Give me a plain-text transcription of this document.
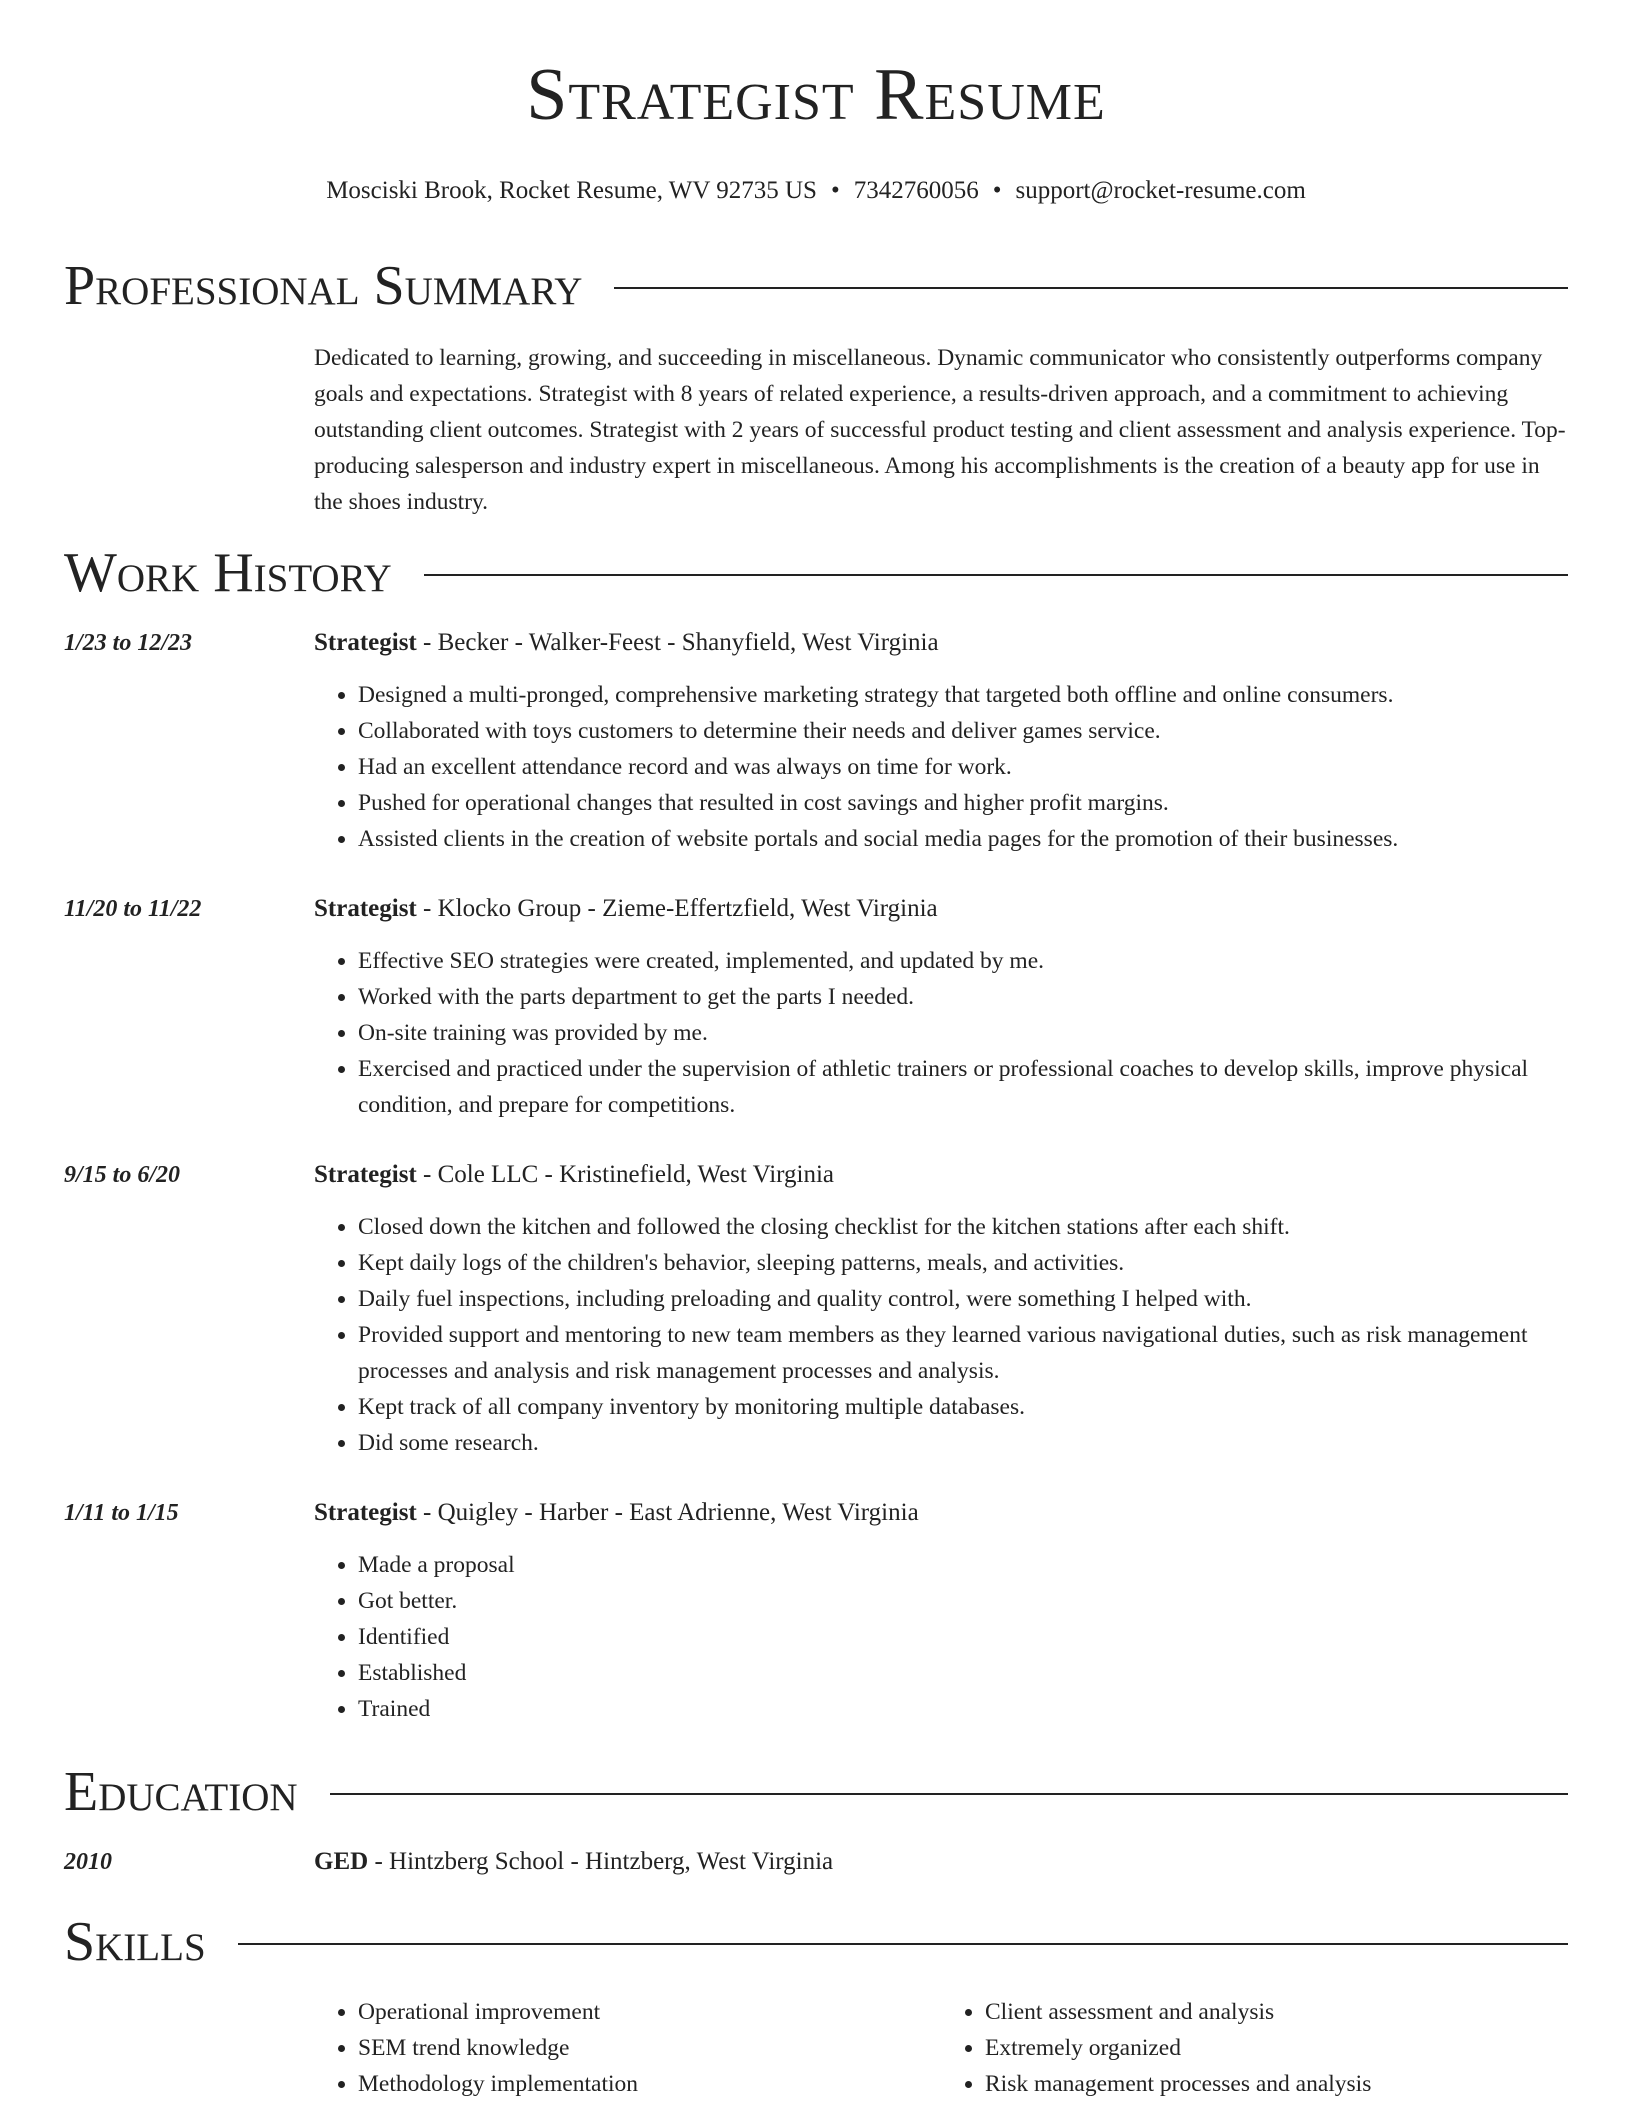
Strategist Resume
Mosciski Brook, Rocket Resume, WV 92735 US • 7342760056 • support@rocket-resume.com
Professional Summary
Dedicated to learning, growing, and succeeding in miscellaneous. Dynamic communicator who consistently outperforms company goals and expectations. Strategist with 8 years of related experience, a results-driven approach, and a commitment to achieving outstanding client outcomes. Strategist with 2 years of successful product testing and client assessment and analysis experience. Top-producing salesperson and industry expert in miscellaneous. Among his accomplishments is the creation of a beauty app for use in the shoes industry.
Work History
1/23 to 12/23	Strategist - Becker - Walker-Feest - Shanyfield, West Virginia
• Designed a multi-pronged, comprehensive marketing strategy that targeted both offline and online consumers.
• Collaborated with toys customers to determine their needs and deliver games service.
• Had an excellent attendance record and was always on time for work.
• Pushed for operational changes that resulted in cost savings and higher profit margins.
• Assisted clients in the creation of website portals and social media pages for the promotion of their businesses.
11/20 to 11/22	Strategist - Klocko Group - Zieme-Effertzfield, West Virginia
• Effective SEO strategies were created, implemented, and updated by me.
• Worked with the parts department to get the parts I needed.
• On-site training was provided by me.
• Exercised and practiced under the supervision of athletic trainers or professional coaches to develop skills, improve physical condition, and prepare for competitions.
9/15 to 6/20	Strategist - Cole LLC - Kristinefield, West Virginia
• Closed down the kitchen and followed the closing checklist for the kitchen stations after each shift.
• Kept daily logs of the children's behavior, sleeping patterns, meals, and activities.
• Daily fuel inspections, including preloading and quality control, were something I helped with.
• Provided support and mentoring to new team members as they learned various navigational duties, such as risk management processes and analysis and risk management processes and analysis.
• Kept track of all company inventory by monitoring multiple databases.
• Did some research.
1/11 to 1/15	Strategist - Quigley - Harber - East Adrienne, West Virginia
• Made a proposal
• Got better.
• Identified
• Established
• Trained
Education
2010	GED - Hintzberg School - Hintzberg, West Virginia
Skills
• Operational improvement
• SEM trend knowledge
• Methodology implementation
• Client assessment and analysis
• Extremely organized
• Risk management processes and analysis
